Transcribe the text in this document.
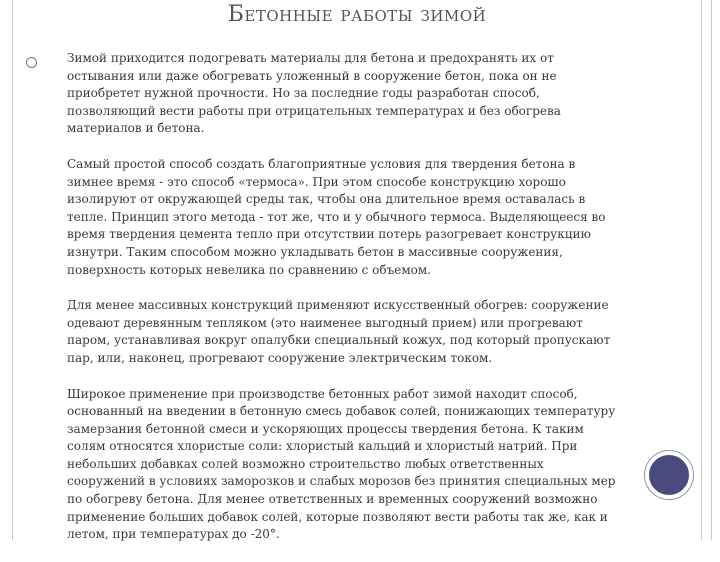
Бетонные работы зимой

Зимой приходится подогревать материалы для бетона и предохранять их от
остывания или даже обогревать уложенный в сооружение бетон, пока он не
приобретет нужной прочности. Но за последние годы разработан способ,
позволяющий вести работы при отрицательных температурах и без обогрева
материалов и бетона.

Самый простой способ создать благоприятные условия для твердения бетона в
зимнее время - это способ «термоса». При этом способе конструкцию хорошо
изолируют от окружающей среды так, чтобы она длительное время оставалась в
тепле. Принцип этого метода - тот же, что и у обычного термоса. Выделяющееся во
время твердения цемента тепло при отсутствии потерь разогревает конструкцию
изнутри. Таким способом можно укладывать бетон в массивные сооружения,
поверхность которых невелика по сравнению с объемом.

Для менее массивных конструкций применяют искусственный обогрев: сооружение
одевают деревянным тепляком (это наименее выгодный прием) или прогревают
паром, устанавливая вокруг опалубки специальный кожух, под который пропускают
пар, или, наконец, прогревают сооружение электрическим током.

Широкое применение при производстве бетонных работ зимой находит способ,
основанный на введении в бетонную смесь добавок солей, понижающих температуру
замерзания бетонной смеси и ускоряющих процессы твердения бетона. К таким
солям относятся хлористые соли: хлористый кальций и хлористый натрий. При
небольших добавках солей возможно строительство любых ответственных
сооружений в условиях заморозков и слабых морозов без принятия специальных мер
по обогреву бетона. Для менее ответственных и временных сооружений возможно
применение больших добавок солей, которые позволяют вести работы так же, как и
летом, при температурах до -20°.
